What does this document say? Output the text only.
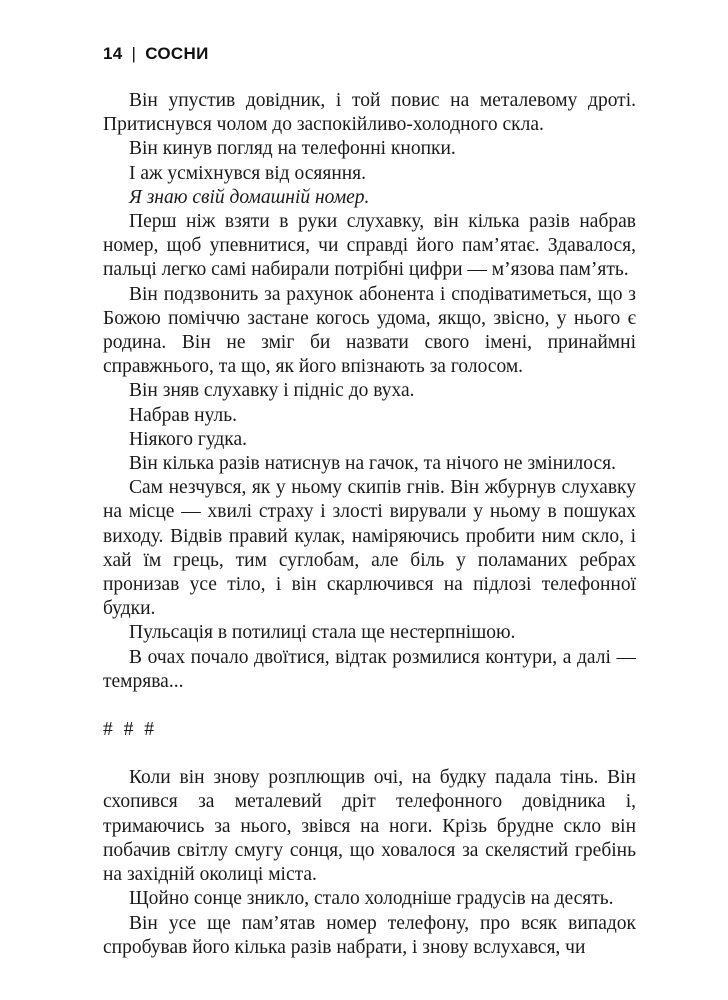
14 | СОСНИ

Він упустив довідник, і той повис на металевому дроті. Притиснувся чолом до заспокійливо-холодного скла.

Він кинув погляд на телефонні кнопки.

І аж усміхнувся від осяяння.

Я знаю свій домашній номер.

Перш ніж взяти в руки слухавку, він кілька разів набрав номер, щоб упевнитися, чи справді його пам’ятає. Здавалося, пальці легко самі набирали потрібні цифри — м’язова пам’ять.

Він подзвонить за рахунок абонента і сподіватиметься, що з Божою поміччю застане когось удома, якщо, звісно, у нього є родина. Він не зміг би назвати свого імені, принаймні справжнього, та що, як його впізнають за голосом.

Він зняв слухавку і підніс до вуха.

Набрав нуль.

Ніякого гудка.

Він кілька разів натиснув на гачок, та нічого не змінилося.

Сам незчувся, як у ньому скипів гнів. Він жбурнув слухавку на місце — хвилі страху і злості вирували у ньому в пошуках виходу. Відвів правий кулак, наміряючись пробити ним скло, і хай їм грець, тим суглобам, але біль у поламаних ребрах пронизав усе тіло, і він скарлючився на підлозі телефонної будки.

Пульсація в потилиці стала ще нестерпнішою.

В очах почало двоїтися, відтак розмилися контури, а далі — темрява...

# # #

Коли він знову розплющив очі, на будку падала тінь. Він схопився за металевий дріт телефонного довідника і, тримаючись за нього, звівся на ноги. Крізь брудне скло він побачив світлу смугу сонця, що ховалося за скелястий гребінь на західній околиці міста.

Щойно сонце зникло, стало холодніше градусів на десять.

Він усе ще пам’ятав номер телефону, про всяк випадок спробував його кілька разів набрати, і знову вслухався, чи
